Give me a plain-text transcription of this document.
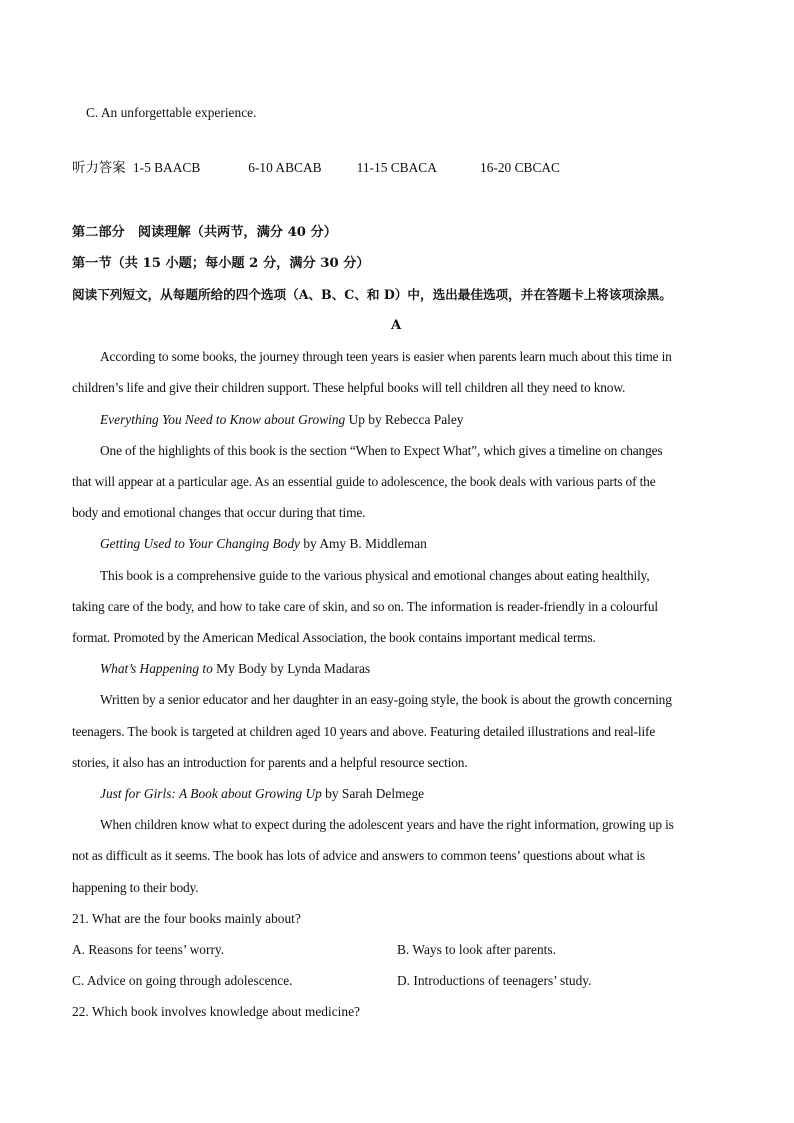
C. An unforgettable experience.
听力答案 1-5 BAACB	6-10 ABCAB	11-15 CBACA	16-20 CBCAC
第二部分　阅读理解（共两节，满分 40 分）
第一节（共 15 小题；每小题 2 分，满分 30 分）
阅读下列短文，从每题所给的四个选项（A、B、C、和 D）中，选出最佳选项，并在答题卡上将该项涂黑。
A
According to some books, the journey through teen years is easier when parents learn much about this time in
children’s life and give their children support. These helpful books will tell children all they need to know.
Everything You Need to Know about Growing Up by Rebecca Paley
One of the highlights of this book is the section “When to Expect What”, which gives a timeline on changes
that will appear at a particular age. As an essential guide to adolescence, the book deals with various parts of the
body and emotional changes that occur during that time.
Getting Used to Your Changing Body by Amy B. Middleman
This book is a comprehensive guide to the various physical and emotional changes about eating healthily,
taking care of the body, and how to take care of skin, and so on. The information is reader-friendly in a colourful
format. Promoted by the American Medical Association, the book contains important medical terms.
What’s Happening to My Body by Lynda Madaras
Written by a senior educator and her daughter in an easy-going style, the book is about the growth concerning
teenagers. The book is targeted at children aged 10 years and above. Featuring detailed illustrations and real-life
stories, it also has an introduction for parents and a helpful resource section.
Just for Girls: A Book about Growing Up by Sarah Delmege
When children know what to expect during the adolescent years and have the right information, growing up is
not as difficult as it seems. The book has lots of advice and answers to common teens’ questions about what is
happening to their body.
21. What are the four books mainly about?
A. Reasons for teens’ worry.	B. Ways to look after parents.
C. Advice on going through adolescence.	D. Introductions of teenagers’ study.
22. Which book involves knowledge about medicine?
